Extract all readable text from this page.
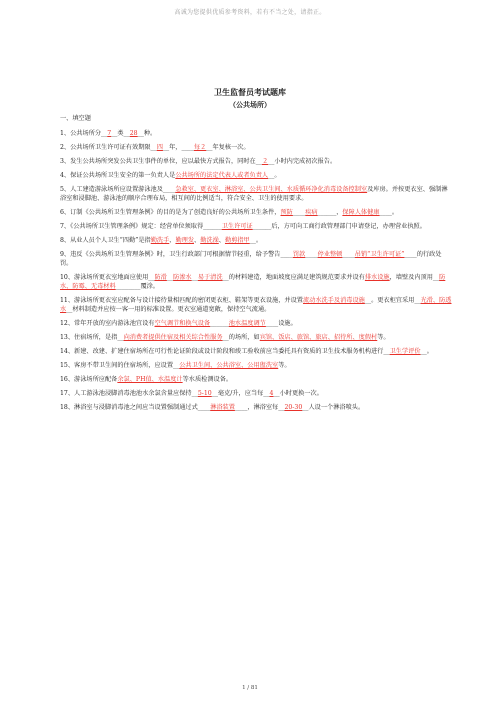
高诚为您提供优质参考资料，若有不当之处，请指正。
卫生监督员考试题库
（公共场所）
一、填空题
1、公共场所分__7__类__28__种。
2、公共场所卫生许可证有效期限__四__年，____每２__年复核一次。
3、发生公共场所突发公共卫生事件的单位，应以最快方式报告，同时在__２__小时内完成初次报告。
4、保证公共场所卫生安全的第一负责人是公共场所的法定代表人或者负责人__。
5、人工建造游泳场所应设置游泳池及____急救室、更衣室、淋浴室、公共卫生间、水质循环净化消毒设备控制室及库房。并按更衣室、强制淋浴室和浸脚池、游泳池的顺序合理布局，相互间的比例适当，符合安全、卫生的使用要求。
6、订制《公共场所卫生管理条例》的目的是为了创造良好的公共场所卫生条件，预防____疾病______，保障人体健康____。
7、《公共场所卫生管理条例》规定：经营单位须取得______卫生许可证______后，方可向工商行政管理部门申请登记，办理营业执照。
8、从业人员个人卫生“四勤”是指勤洗手、勤理发、勤洗澡、勤剪指甲__。
9、违反《公共场所卫生管理条例》时，卫生行政部门可根据情节轻重，给予警告____罚款____停业整顿____吊销“卫生许可证”____的行政处罚。
10、游泳场所更衣室地面应使用__防滑__防渗水__易于清洗__的材料建造，地面坡度应满足建筑规范要求并设有排水设施，墙壁及内顶用__防水、防霉、无毒材料________覆涂。
11、游泳场所更衣室应配备与设计接待量相匹配的密闭更衣柜、鞋架等更衣设施，并设置流动水洗手及消毒设施__。更衣柜宜采用__光滑、防透水__材料制造并应按一客一用的标准设置。更衣室通道宽敞，保持空气流通。
12、常年开放的室内游泳池宜设有空气调节和换气设备______池水温度调节____设施。
13、住宿场所，是指__向消费者提供住宿及相关综合性服务__的场所，如宾馆、饭店、旅馆、旅店、招待所、度假村等。
14、新建、改建、扩建住宿场所在可行性论证阶段或设计阶段和竣工验收前应当委托具有资质的卫生技术服务机构进行__卫生学评价__。
15、客房不带卫生间的住宿场所，应设置__公共卫生间、公共浴室、公用盥洗室等。
16、游泳场所应配备余氯、PH值、水温度计等水质检测设备。
17、人工游泳池浸脚消毒池池水余氯含量应保持__5-10__毫克/升，应当每__4__小时更换一次。
18、淋浴室与浸脚消毒池之间应当设置强制通过式____淋浴装置____，淋浴室每__20-30__人设一个淋浴喷头。
1 / 81
